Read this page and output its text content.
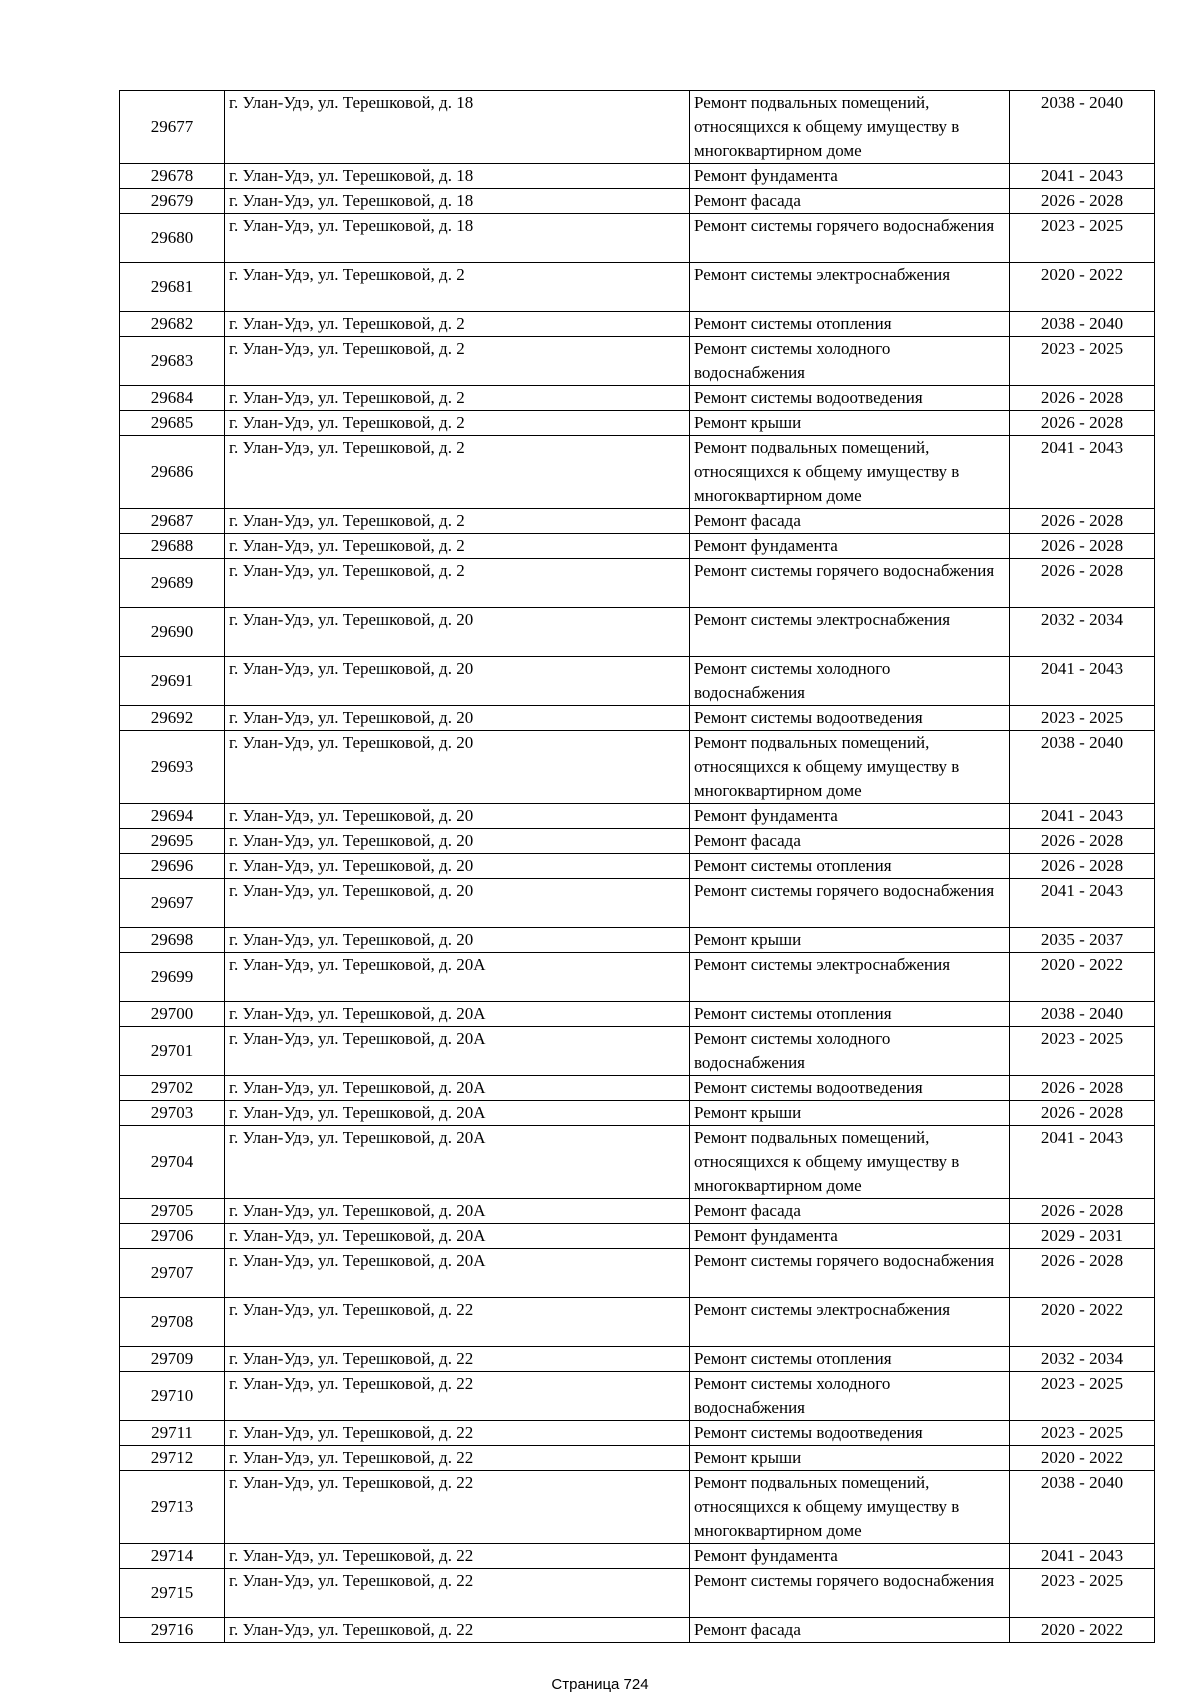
29677	г. Улан-Удэ, ул. Терешковой, д. 18	Ремонт подвальных помещений, относящихся к общему имуществу в многоквартирном доме	2038 - 2040
29678	г. Улан-Удэ, ул. Терешковой, д. 18	Ремонт фундамента	2041 - 2043
29679	г. Улан-Удэ, ул. Терешковой, д. 18	Ремонт фасада	2026 - 2028
29680	г. Улан-Удэ, ул. Терешковой, д. 18	Ремонт системы горячего водоснабжения	2023 - 2025
29681	г. Улан-Удэ, ул. Терешковой, д. 2	Ремонт системы электроснабжения	2020 - 2022
29682	г. Улан-Удэ, ул. Терешковой, д. 2	Ремонт системы отопления	2038 - 2040
29683	г. Улан-Удэ, ул. Терешковой, д. 2	Ремонт системы холодного водоснабжения	2023 - 2025
29684	г. Улан-Удэ, ул. Терешковой, д. 2	Ремонт системы водоотведения	2026 - 2028
29685	г. Улан-Удэ, ул. Терешковой, д. 2	Ремонт крыши	2026 - 2028
29686	г. Улан-Удэ, ул. Терешковой, д. 2	Ремонт подвальных помещений, относящихся к общему имуществу в многоквартирном доме	2041 - 2043
29687	г. Улан-Удэ, ул. Терешковой, д. 2	Ремонт фасада	2026 - 2028
29688	г. Улан-Удэ, ул. Терешковой, д. 2	Ремонт фундамента	2026 - 2028
29689	г. Улан-Удэ, ул. Терешковой, д. 2	Ремонт системы горячего водоснабжения	2026 - 2028
29690	г. Улан-Удэ, ул. Терешковой, д. 20	Ремонт системы электроснабжения	2032 - 2034
29691	г. Улан-Удэ, ул. Терешковой, д. 20	Ремонт системы холодного водоснабжения	2041 - 2043
29692	г. Улан-Удэ, ул. Терешковой, д. 20	Ремонт системы водоотведения	2023 - 2025
29693	г. Улан-Удэ, ул. Терешковой, д. 20	Ремонт подвальных помещений, относящихся к общему имуществу в многоквартирном доме	2038 - 2040
29694	г. Улан-Удэ, ул. Терешковой, д. 20	Ремонт фундамента	2041 - 2043
29695	г. Улан-Удэ, ул. Терешковой, д. 20	Ремонт фасада	2026 - 2028
29696	г. Улан-Удэ, ул. Терешковой, д. 20	Ремонт системы отопления	2026 - 2028
29697	г. Улан-Удэ, ул. Терешковой, д. 20	Ремонт системы горячего водоснабжения	2041 - 2043
29698	г. Улан-Удэ, ул. Терешковой, д. 20	Ремонт крыши	2035 - 2037
29699	г. Улан-Удэ, ул. Терешковой, д. 20А	Ремонт системы электроснабжения	2020 - 2022
29700	г. Улан-Удэ, ул. Терешковой, д. 20А	Ремонт системы отопления	2038 - 2040
29701	г. Улан-Удэ, ул. Терешковой, д. 20А	Ремонт системы холодного водоснабжения	2023 - 2025
29702	г. Улан-Удэ, ул. Терешковой, д. 20А	Ремонт системы водоотведения	2026 - 2028
29703	г. Улан-Удэ, ул. Терешковой, д. 20А	Ремонт крыши	2026 - 2028
29704	г. Улан-Удэ, ул. Терешковой, д. 20А	Ремонт подвальных помещений, относящихся к общему имуществу в многоквартирном доме	2041 - 2043
29705	г. Улан-Удэ, ул. Терешковой, д. 20А	Ремонт фасада	2026 - 2028
29706	г. Улан-Удэ, ул. Терешковой, д. 20А	Ремонт фундамента	2029 - 2031
29707	г. Улан-Удэ, ул. Терешковой, д. 20А	Ремонт системы горячего водоснабжения	2026 - 2028
29708	г. Улан-Удэ, ул. Терешковой, д. 22	Ремонт системы электроснабжения	2020 - 2022
29709	г. Улан-Удэ, ул. Терешковой, д. 22	Ремонт системы отопления	2032 - 2034
29710	г. Улан-Удэ, ул. Терешковой, д. 22	Ремонт системы холодного водоснабжения	2023 - 2025
29711	г. Улан-Удэ, ул. Терешковой, д. 22	Ремонт системы водоотведения	2023 - 2025
29712	г. Улан-Удэ, ул. Терешковой, д. 22	Ремонт крыши	2020 - 2022
29713	г. Улан-Удэ, ул. Терешковой, д. 22	Ремонт подвальных помещений, относящихся к общему имуществу в многоквартирном доме	2038 - 2040
29714	г. Улан-Удэ, ул. Терешковой, д. 22	Ремонт фундамента	2041 - 2043
29715	г. Улан-Удэ, ул. Терешковой, д. 22	Ремонт системы горячего водоснабжения	2023 - 2025
29716	г. Улан-Удэ, ул. Терешковой, д. 22	Ремонт фасада	2020 - 2022
Страница 724
